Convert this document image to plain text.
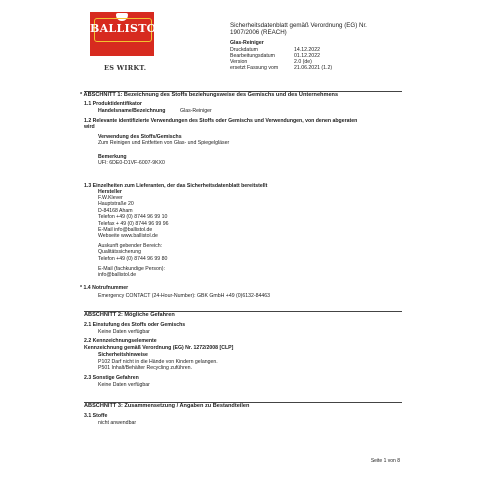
BALLISTOL
ES WIRKT.
Sicherheitsdatenblatt gemäß Verordnung (EG) Nr.
1907/2006 (REACH)
Glas-Reiniger
Druckdatum	14.12.2022
Bearbeitungsdatum	01.12.2022
Version	2.0 (de)
ersetzt Fassung vom	21.06.2021 (1.2)
* ABSCHNITT 1: Bezeichnung des Stoffs beziehungsweise des Gemischs und des Unternehmens
1.1 Produktidentifikator
Handelsname/Bezeichnung	Glas-Reiniger
1.2 Relevante identifizierte Verwendungen des Stoffs oder Gemischs und Verwendungen, von denen abgeraten
wird
Verwendung des Stoffs/Gemischs
Zum Reinigen und Entfetten von Glas- und Spiegelgläser
Bemerkung
UFI: 6DE0-D1VF-6007-9KX0
1.3 Einzelheiten zum Lieferanten, der das Sicherheitsdatenblatt bereitstellt
Hersteller
F.W.Klever
Hauptstraße 20
D-84168 Aham
Telefon +49 (0) 8744 96 99 10
Telefax + 49 (0) 8744 96 99 96
E-Mail info@ballistol.de
Webseite www.ballistol.de
Auskunft gebender Bereich:
Qualitätssicherung
Telefon +49 (0) 8744 96 99 80
E-Mail (fachkundige Person):
info@ballistol.de
* 1.4 Notrufnummer
Emergency CONTACT (24-Hour-Number): GBK GmbH +49 (0)6132-84463
ABSCHNITT 2: Mögliche Gefahren
2.1 Einstufung des Stoffs oder Gemischs
Keine Daten verfügbar
2.2 Kennzeichnungselemente
Kennzeichnung gemäß Verordnung (EG) Nr. 1272/2008 [CLP]
Sicherheitshinweise
P102 Darf nicht in die Hände von Kindern gelangen.
P501 Inhalt/Behälter Recycling zuführen.
2.3 Sonstige Gefahren
Keine Daten verfügbar
ABSCHNITT 3: Zusammensetzung / Angaben zu Bestandteilen
3.1 Stoffe
nicht anwendbar
Seite 1 von 8
